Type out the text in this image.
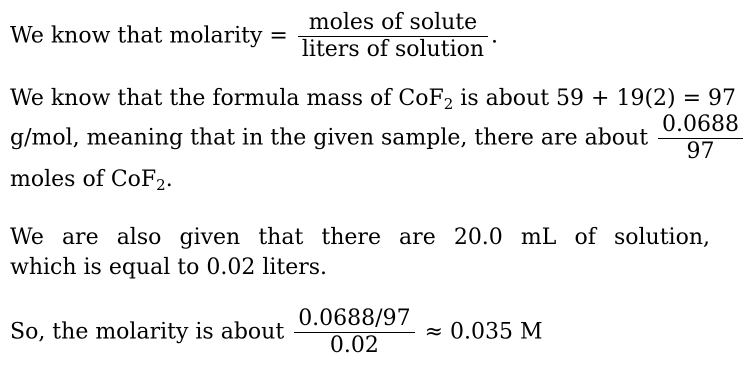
We know that molarity = $\frac{\text{moles of solute}}{\text{liters of solution}}$ .
We know that the formula mass of CoF$_2$ is about 59 + 19(2) = 97
g/mol, meaning that in the given sample, there are about $\frac{0.0688}{97}$
moles of CoF$_2$.
We are also given that there are 20.0 mL of solution,
which is equal to 0.02 liters.
So, the molarity is about $\frac{0.0688/97}{0.02} \approx 0.035$ M
